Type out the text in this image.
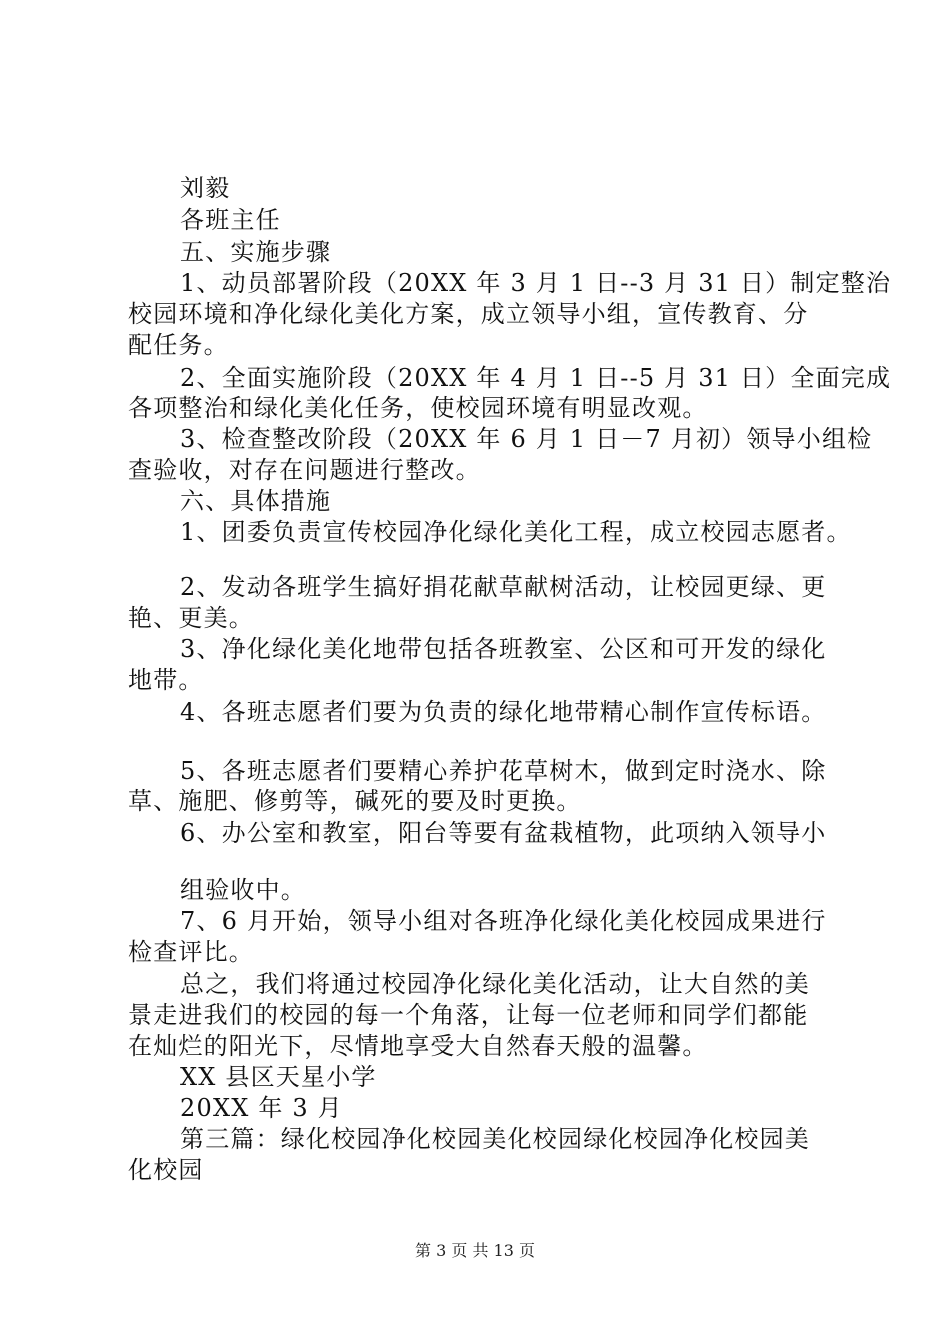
刘毅
各班主任
五、实施步骤
1、动员部署阶段（20XX 年 3 月 1 日--3 月 31 日）制定整治
校园环境和净化绿化美化方案，成立领导小组，宣传教育、分
配任务。
2、全面实施阶段（20XX 年 4 月 1 日--5 月 31 日）全面完成
各项整治和绿化美化任务，使校园环境有明显改观。
3、检查整改阶段（20XX 年 6 月 1 日－7 月初）领导小组检
查验收，对存在问题进行整改。
六、具体措施
1、团委负责宣传校园净化绿化美化工程，成立校园志愿者。
2、发动各班学生搞好捐花献草献树活动，让校园更绿、更
艳、更美。
3、净化绿化美化地带包括各班教室、公区和可开发的绿化
地带。
4、各班志愿者们要为负责的绿化地带精心制作宣传标语。
5、各班志愿者们要精心养护花草树木，做到定时浇水、除
草、施肥、修剪等，碱死的要及时更换。
6、办公室和教室，阳台等要有盆栽植物，此项纳入领导小
组验收中。
7、6 月开始，领导小组对各班净化绿化美化校园成果进行
检查评比。
总之，我们将通过校园净化绿化美化活动，让大自然的美
景走进我们的校园的每一个角落，让每一位老师和同学们都能
在灿烂的阳光下，尽情地享受大自然春天般的温馨。
XX 县区天星小学
20XX 年 3 月
第三篇：绿化校园净化校园美化校园绿化校园净化校园美
化校园
第 3 页 共 13 页
